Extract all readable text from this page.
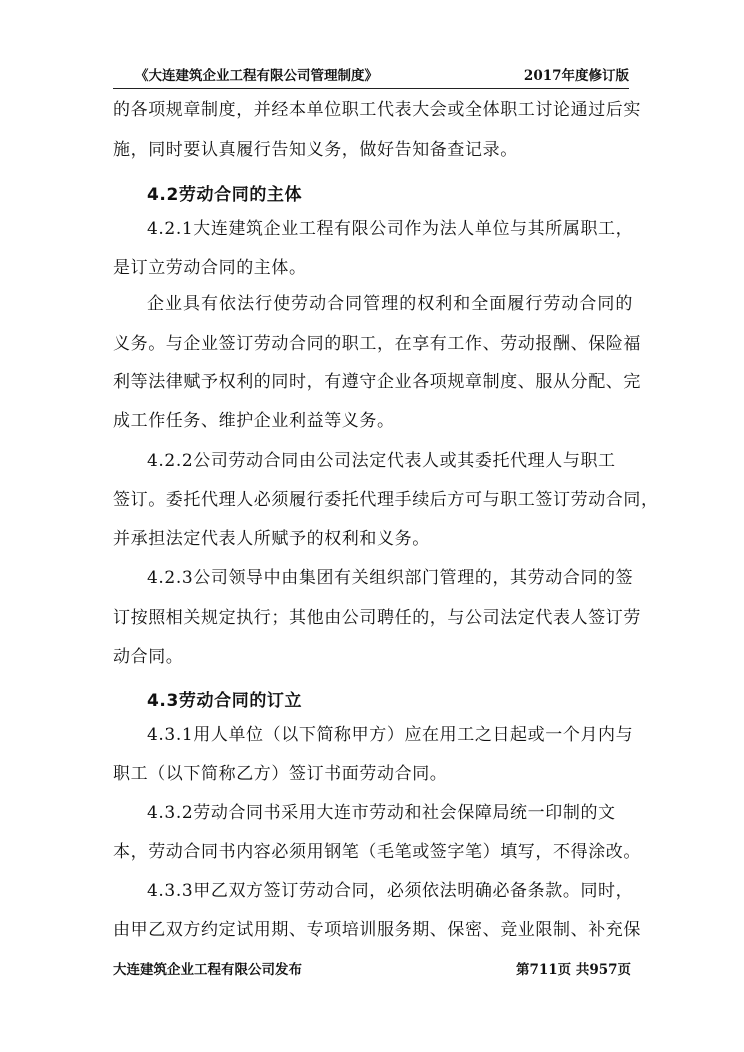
《大连建筑企业工程有限公司管理制度》	2017年度修订版
的各项规章制度，并经本单位职工代表大会或全体职工讨论通过后实
施，同时要认真履行告知义务，做好告知备查记录。
4.2劳动合同的主体
4.2.1大连建筑企业工程有限公司作为法人单位与其所属职工，
是订立劳动合同的主体。
企业具有依法行使劳动合同管理的权利和全面履行劳动合同的
义务。与企业签订劳动合同的职工，在享有工作、劳动报酬、保险福
利等法律赋予权利的同时，有遵守企业各项规章制度、服从分配、完
成工作任务、维护企业利益等义务。
4.2.2公司劳动合同由公司法定代表人或其委托代理人与职工
签订。委托代理人必须履行委托代理手续后方可与职工签订劳动合同，
并承担法定代表人所赋予的权利和义务。
4.2.3公司领导中由集团有关组织部门管理的，其劳动合同的签
订按照相关规定执行；其他由公司聘任的，与公司法定代表人签订劳
动合同。
4.3劳动合同的订立
4.3.1用人单位（以下简称甲方）应在用工之日起或一个月内与
职工（以下简称乙方）签订书面劳动合同。
4.3.2劳动合同书采用大连市劳动和社会保障局统一印制的文
本，劳动合同书内容必须用钢笔（毛笔或签字笔）填写，不得涂改。
4.3.3甲乙双方签订劳动合同，必须依法明确必备条款。同时，
由甲乙双方约定试用期、专项培训服务期、保密、竞业限制、补充保
大连建筑企业工程有限公司发布	第711页 共957页
